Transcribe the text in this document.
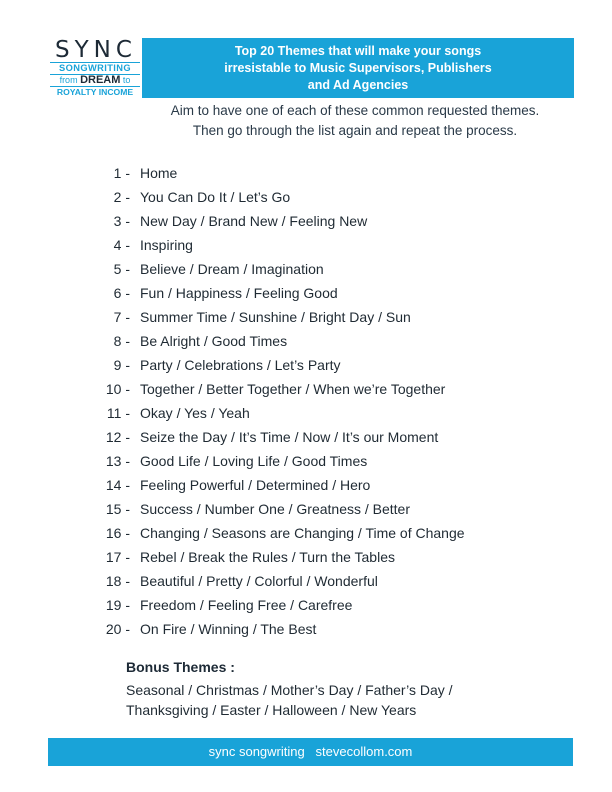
SYNC
SONGWRITING
from DREAM to
ROYALTY INCOME
Top 20 Themes that will make your songs
irresistable to Music Supervisors, Publishers
and Ad Agencies
Aim to have one of each of these common requested themes.
Then go through the list again and repeat the process.
1 - Home
2 - You Can Do It / Let’s Go
3 - New Day / Brand New / Feeling New
4 - Inspiring
5 - Believe / Dream / Imagination
6 - Fun / Happiness / Feeling Good
7 - Summer Time / Sunshine / Bright Day / Sun
8 - Be Alright / Good Times
9 - Party / Celebrations / Let’s Party
10 - Together / Better Together / When we’re Together
11 - Okay / Yes / Yeah
12 - Seize the Day / It’s Time / Now / It’s our Moment
13 - Good Life / Loving Life / Good Times
14 - Feeling Powerful / Determined / Hero
15 - Success / Number One / Greatness / Better
16 - Changing / Seasons are Changing / Time of Change
17 - Rebel / Break the Rules / Turn the Tables
18 - Beautiful / Pretty / Colorful / Wonderful
19 - Freedom / Feeling Free / Carefree
20 - On Fire / Winning / The Best
Bonus Themes :
Seasonal / Christmas / Mother’s Day / Father’s Day /
Thanksgiving / Easter / Halloween / New Years
sync songwriting   stevecollom.com
